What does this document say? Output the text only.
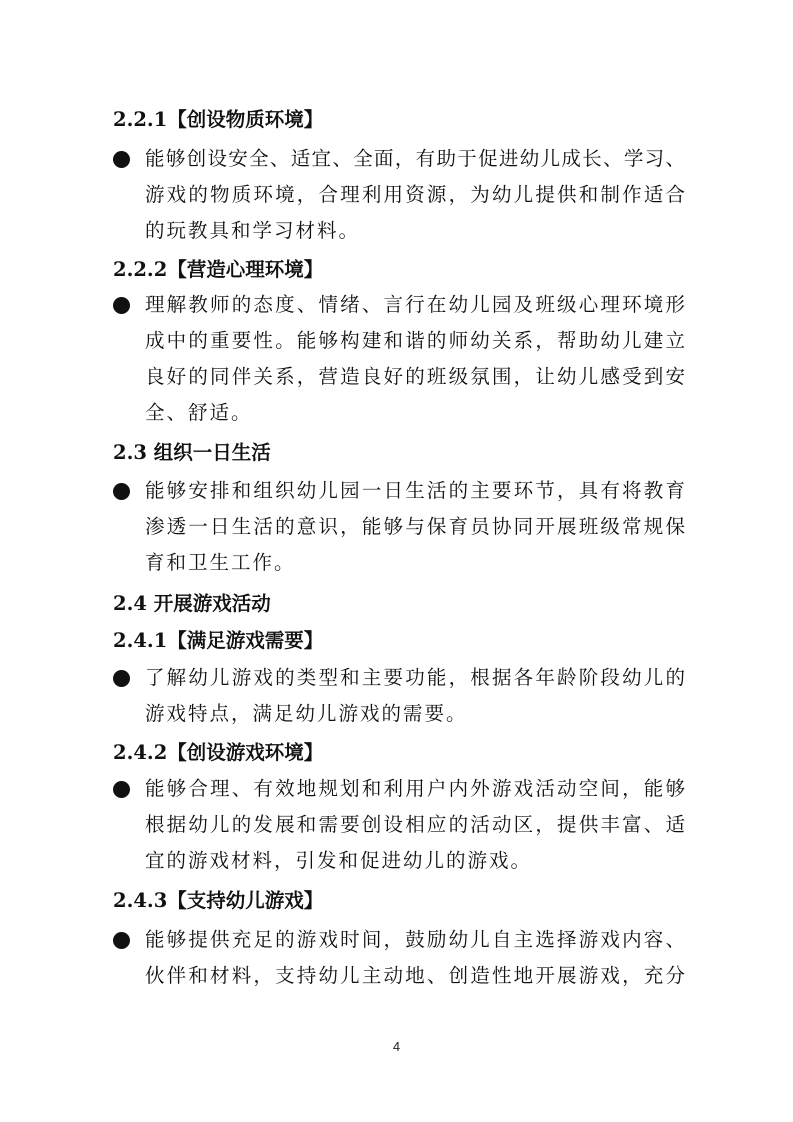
2.2.1【创设物质环境】
能够创设安全、适宜、全面，有助于促进幼儿成长、学习、
游戏的物质环境，合理利用资源，为幼儿提供和制作适合
的玩教具和学习材料。
2.2.2【营造心理环境】
理解教师的态度、情绪、言行在幼儿园及班级心理环境形
成中的重要性。能够构建和谐的师幼关系，帮助幼儿建立
良好的同伴关系，营造良好的班级氛围，让幼儿感受到安
全、舒适。
2.3 组织一日生活
能够安排和组织幼儿园一日生活的主要环节，具有将教育
渗透一日生活的意识，能够与保育员协同开展班级常规保
育和卫生工作。
2.4 开展游戏活动
2.4.1【满足游戏需要】
了解幼儿游戏的类型和主要功能，根据各年龄阶段幼儿的
游戏特点，满足幼儿游戏的需要。
2.4.2【创设游戏环境】
能够合理、有效地规划和利用户内外游戏活动空间，能够
根据幼儿的发展和需要创设相应的活动区，提供丰富、适
宜的游戏材料，引发和促进幼儿的游戏。
2.4.3【支持幼儿游戏】
能够提供充足的游戏时间，鼓励幼儿自主选择游戏内容、
伙伴和材料，支持幼儿主动地、创造性地开展游戏，充分
4
